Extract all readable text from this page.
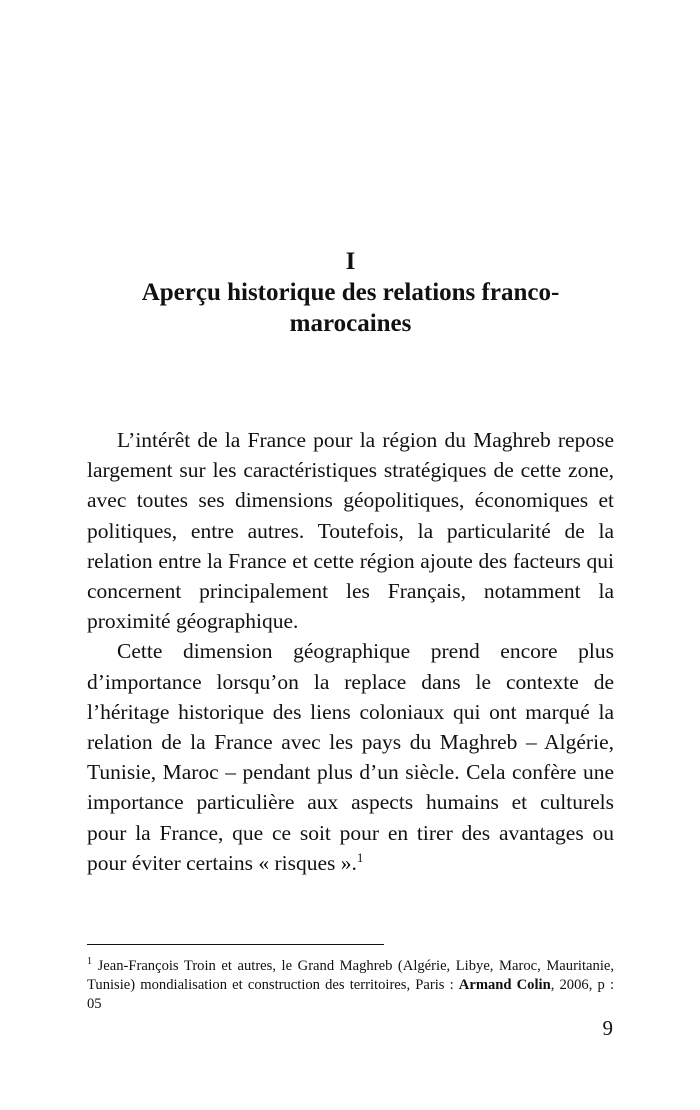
I
Aperçu historique des relations franco-
marocaines

L’intérêt de la France pour la région du Maghreb repose largement sur les caractéristiques stratégiques de cette zone, avec toutes ses dimensions géopolitiques, économiques et politiques, entre autres. Toutefois, la particularité de la relation entre la France et cette région ajoute des facteurs qui concernent principalement les Français, notamment la proximité géographique.

Cette dimension géographique prend encore plus d’importance lorsqu’on la replace dans le contexte de l’héritage historique des liens coloniaux qui ont marqué la relation de la France avec les pays du Maghreb – Algérie, Tunisie, Maroc – pendant plus d’un siècle. Cela confère une importance particulière aux aspects humains et culturels pour la France, que ce soit pour en tirer des avantages ou pour éviter certains « risques ».$^1$

$^1$ Jean-François Troin et autres, le Grand Maghreb (Algérie, Libye, Maroc, Mauritanie, Tunisie) mondialisation et construction des territoires, Paris : Armand Colin, 2006, p : 05
9
